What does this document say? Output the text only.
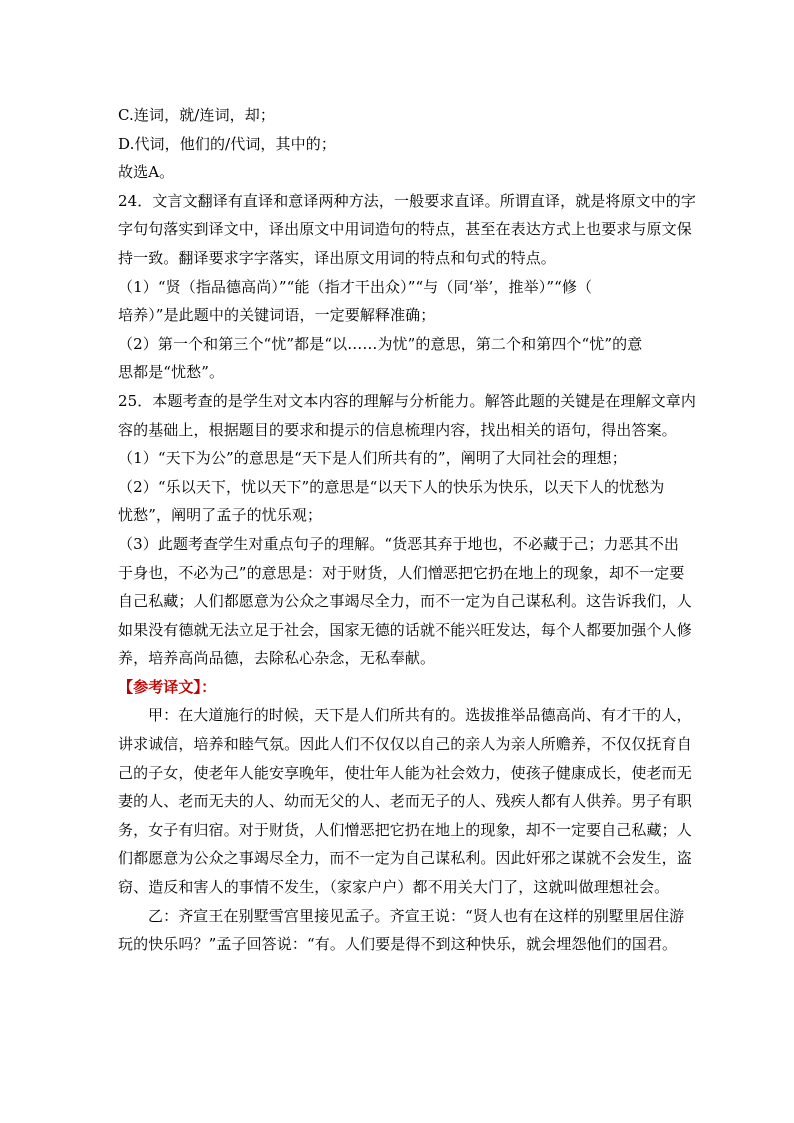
C.连词，就/连词，却；
D.代词，他们的/代词，其中的；
故选A。
24．文言文翻译有直译和意译两种方法，一般要求直译。所谓直译，就是将原文中的字
字句句落实到译文中，译出原文中用词造句的特点，甚至在表达方式上也要求与原文保
持一致。翻译要求字字落实，译出原文用词的特点和句式的特点。
（1）“贤（指品德高尚）”“能（指才干出众）”“与（同‘举’，推举）”“修（
培养）”是此题中的关键词语，一定要解释准确；
（2）第一个和第三个“忧”都是“以……为忧”的意思，第二个和第四个“忧”的意
思都是“忧愁”。
25．本题考查的是学生对文本内容的理解与分析能力。解答此题的关键是在理解文章内
容的基础上，根据题目的要求和提示的信息梳理内容，找出相关的语句，得出答案。
（1）“天下为公”的意思是“天下是人们所共有的”，阐明了大同社会的理想；
（2）“乐以天下，忧以天下”的意思是“以天下人的快乐为快乐，以天下人的忧愁为
忧愁”，阐明了孟子的忧乐观；
（3）此题考查学生对重点句子的理解。“货恶其弃于地也，不必藏于己；力恶其不出
于身也，不必为己”的意思是：对于财货，人们憎恶把它扔在地上的现象，却不一定要
自己私藏；人们都愿意为公众之事竭尽全力，而不一定为自己谋私利。这告诉我们，人
如果没有德就无法立足于社会，国家无德的话就不能兴旺发达，每个人都要加强个人修
养，培养高尚品德，去除私心杂念，无私奉献。
【参考译文】：
甲：在大道施行的时候，天下是人们所共有的。选拔推举品德高尚、有才干的人，
讲求诚信，培养和睦气氛。因此人们不仅仅以自己的亲人为亲人所赡养，不仅仅抚育自
己的子女，使老年人能安享晚年，使壮年人能为社会效力，使孩子健康成长，使老而无
妻的人、老而无夫的人、幼而无父的人、老而无子的人、残疾人都有人供养。男子有职
务，女子有归宿。对于财货，人们憎恶把它扔在地上的现象，却不一定要自己私藏；人
们都愿意为公众之事竭尽全力，而不一定为自己谋私利。因此奸邪之谋就不会发生，盗
窃、造反和害人的事情不发生，（家家户户）都不用关大门了，这就叫做理想社会。
乙：齐宣王在别墅雪宫里接见孟子。齐宣王说：“贤人也有在这样的别墅里居住游
玩的快乐吗？”孟子回答说：“有。人们要是得不到这种快乐，就会埋怨他们的国君。
